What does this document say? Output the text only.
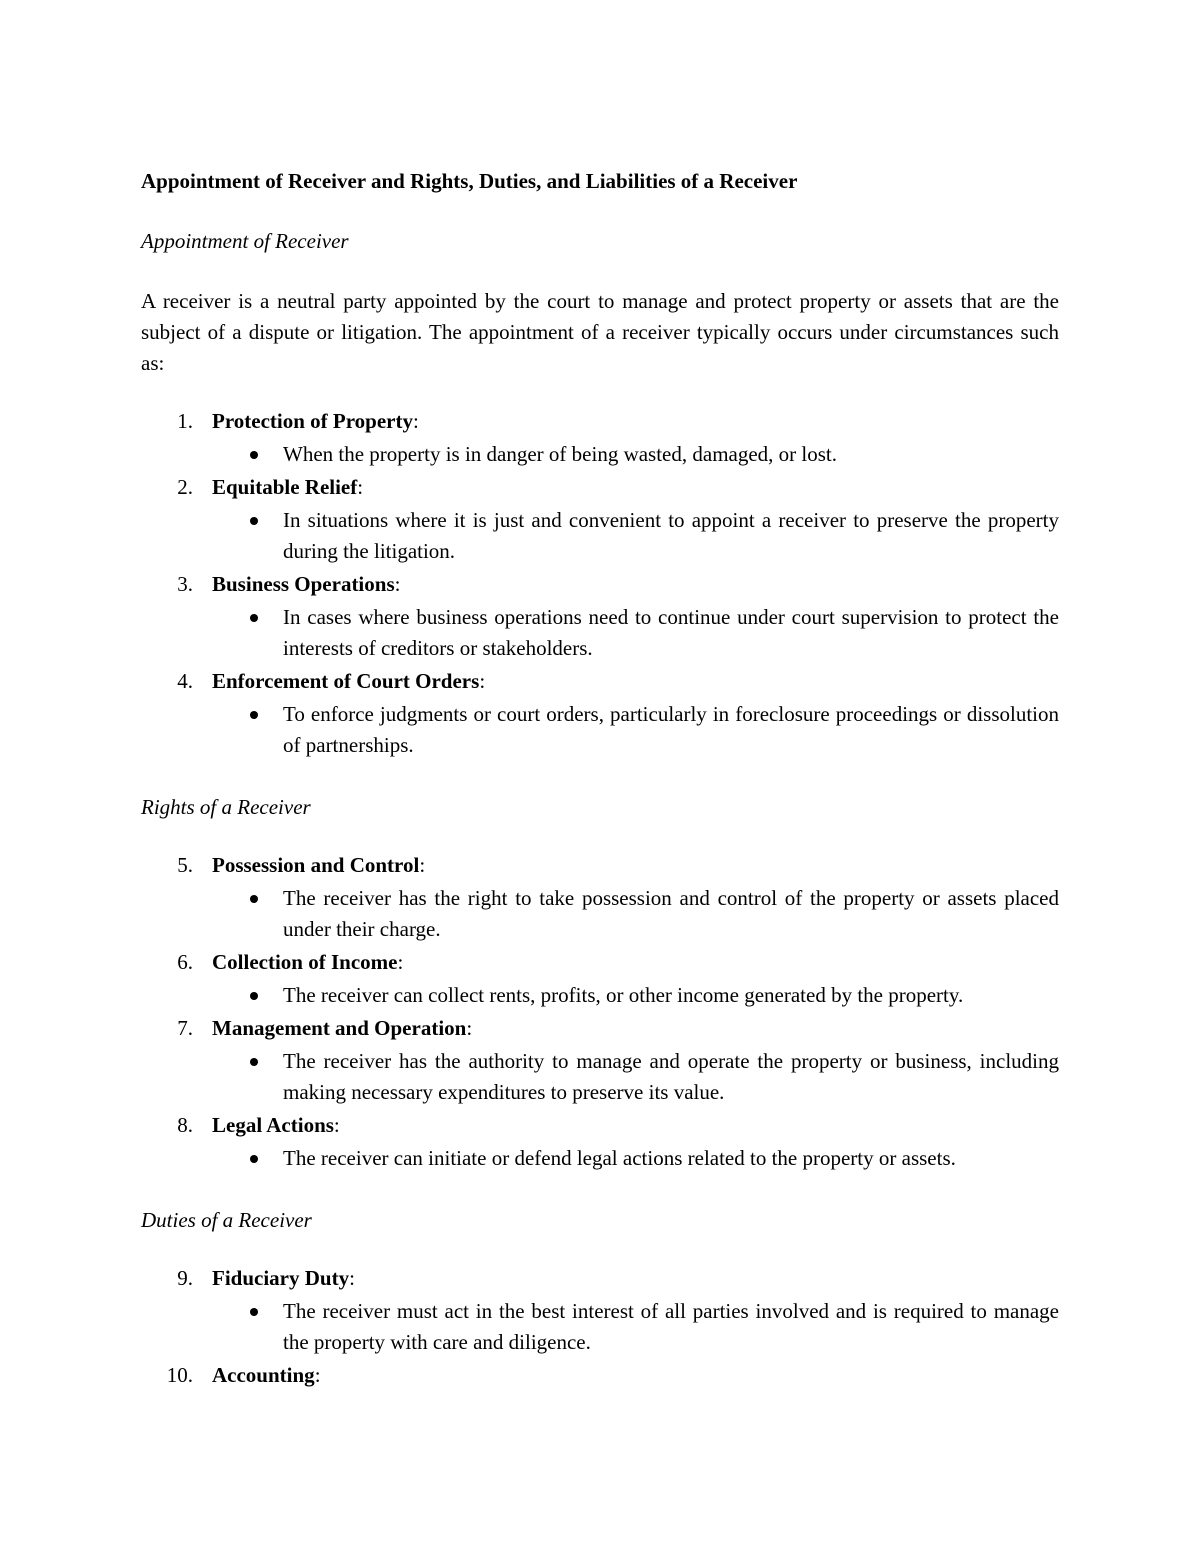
Appointment of Receiver and Rights, Duties, and Liabilities of a Receiver
Appointment of Receiver

A receiver is a neutral party appointed by the court to manage and protect property or assets that are the subject of a dispute or litigation. The appointment of a receiver typically occurs under circumstances such as:

1. Protection of Property:
When the property is in danger of being wasted, damaged, or lost.
2. Equitable Relief:
In situations where it is just and convenient to appoint a receiver to preserve the property during the litigation.
3. Business Operations:
In cases where business operations need to continue under court supervision to protect the interests of creditors or stakeholders.
4. Enforcement of Court Orders:
To enforce judgments or court orders, particularly in foreclosure proceedings or dissolution of partnerships.
Rights of a Receiver
5. Possession and Control:
The receiver has the right to take possession and control of the property or assets placed under their charge.
6. Collection of Income:
The receiver can collect rents, profits, or other income generated by the property.
7. Management and Operation:
The receiver has the authority to manage and operate the property or business, including making necessary expenditures to preserve its value.
8. Legal Actions:
The receiver can initiate or defend legal actions related to the property or assets.
Duties of a Receiver
9. Fiduciary Duty:
The receiver must act in the best interest of all parties involved and is required to manage the property with care and diligence.
10. Accounting:
